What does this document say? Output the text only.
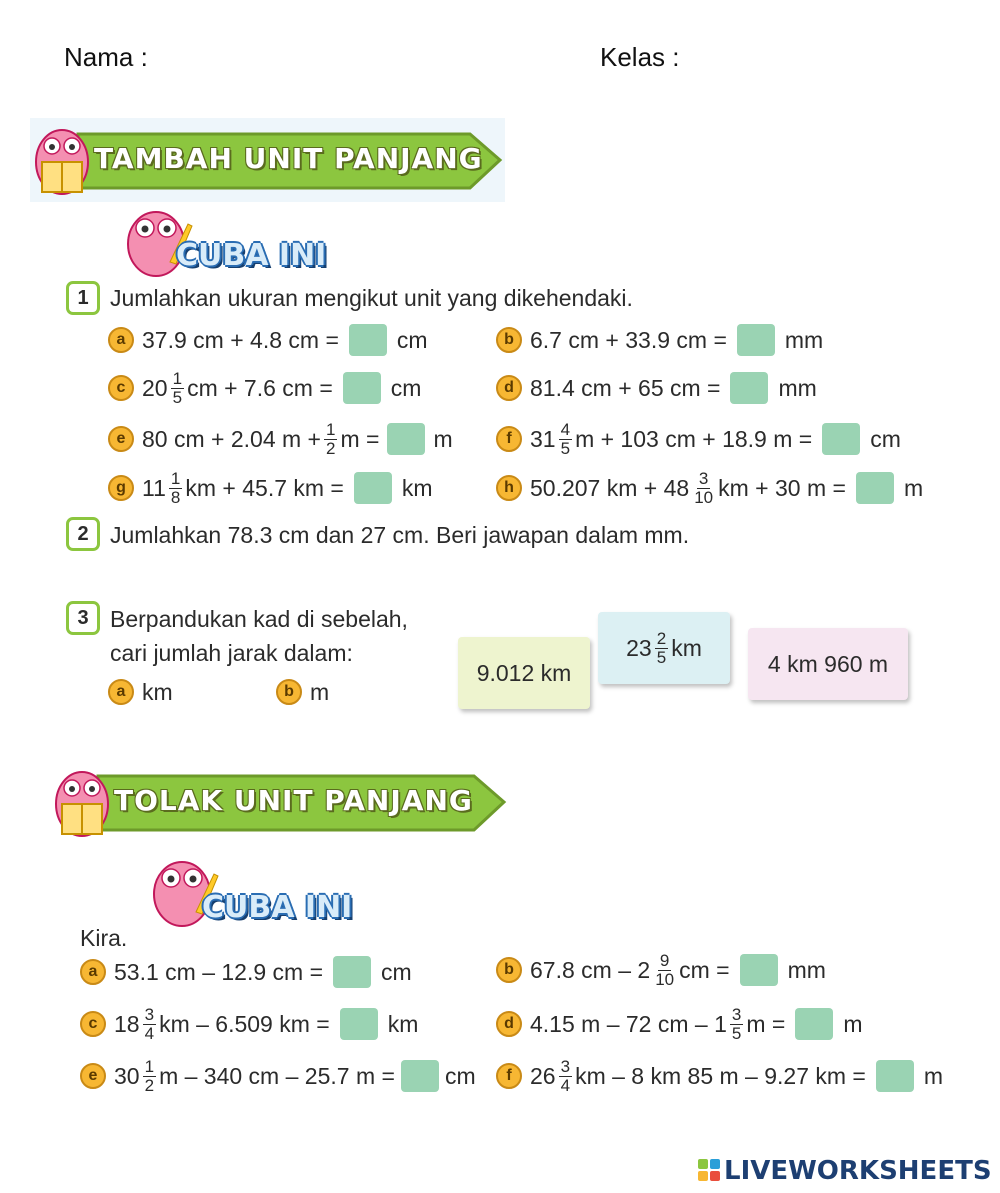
Nama :	Kelas :
TAMBAH UNIT PANJANG
CUBA INI
1 Jumlahkan ukuran mengikut unit yang dikehendaki.
a 37.9 cm + 4.8 cm =	cm	b 6.7 cm + 33.9 cm =	mm
c $20 \frac{1}{5}$ cm + 7.6 cm =	cm	d 81.4 cm + 65 cm =	mm
e 80 cm + 2.04 $m + \frac{1}{2}$ m = m	f $31 \frac{4}{5}$ m + 103 cm + 18.9 m =	cm
g $11 \frac{1}{8}$ km + 45.7 km =	km	h 50.207 km + $48 \frac{3}{10}$ km + 30 m =	m
2 Jumlahkan 78.3 cm dan 27 cm. Beri jawapan dalam mm.
3 Berpandukan kad di sebelah,
cari jumlah jarak dalam:
a km	b m
9.012 km
$23 \frac{2}{5}$ km
4 km 960 m
TOLAK UNIT PANJANG
CUBA INI
Kira.
a 53.1 cm – 12.9 cm =	cm	b 67.8 cm – $2 \frac{9}{10}$ cm =	mm
c $18 \frac{3}{4}$ km – 6.509 km =	km	d 4.15 m – 72 cm – $1 \frac{3}{5}$ m =	m
e $30 \frac{1}{2}$ m – 340 cm – 25.7 m = cm	f $26 \frac{3}{4}$ km – 8 km 85 m – 9.27 km =	m
LIVEWORKSHEETS
